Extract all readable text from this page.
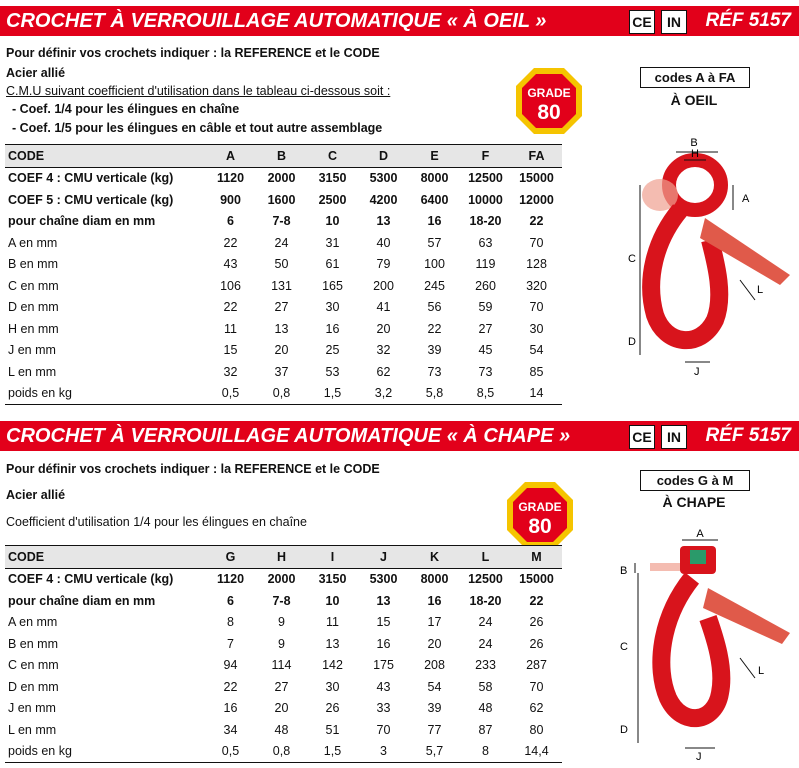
CROCHET À VERROUILLAGE AUTOMATIQUE « À OEIL »	CE	IN	RÉF 5157
Pour définir vos crochets indiquer : la REFERENCE et le CODE
Acier allié
C.M.U suivant coefficient d'utilisation dans le tableau ci-dessous soit :
- Coef. 1/4 pour les élingues en chaîne
- Coef. 1/5 pour les élingues en câble et tout autre assemblage
GRADE
80
CODE	A	B	C	D	E	F	FA
COEF 4 : CMU verticale (kg)	1120	2000	3150	5300	8000	12500	15000
COEF 5 : CMU verticale (kg)	900	1600	2500	4200	6400	10000	12000
pour chaîne diam en mm	6	7-8	10	13	16	18-20	22
A en mm	22	24	31	40	57	63	70
B en mm	43	50	61	79	100	119	128
C en mm	106	131	165	200	245	260	320
D en mm	22	27	30	41	56	59	70
H en mm	11	13	16	20	22	27	30
J en mm	15	20	25	32	39	45	54
L en mm	32	37	53	62	73	73	85
poids en kg	0,5	0,8	1,5	3,2	5,8	8,5	14
codes A à FA
À OEIL
B
H
A
C
L
D
J
CROCHET À VERROUILLAGE AUTOMATIQUE « À CHAPE »	CE	IN	RÉF 5157
Pour définir vos crochets indiquer : la REFERENCE et le CODE
Acier allié
Coefficient d'utilisation 1/4 pour les élingues en chaîne
GRADE
80
CODE	G	H	I	J	K	L	M
COEF 4 : CMU verticale (kg)	1120	2000	3150	5300	8000	12500	15000
pour chaîne diam en mm	6	7-8	10	13	16	18-20	22
A en mm	8	9	11	15	17	24	26
B en mm	7	9	13	16	20	24	26
C en mm	94	114	142	175	208	233	287
D en mm	22	27	30	43	54	58	70
J en mm	16	20	26	33	39	48	62
L en mm	34	48	51	70	77	87	80
poids en kg	0,5	0,8	1,5	3	5,7	8	14,4
codes G à M
À CHAPE
A
B
C
L
D
J
